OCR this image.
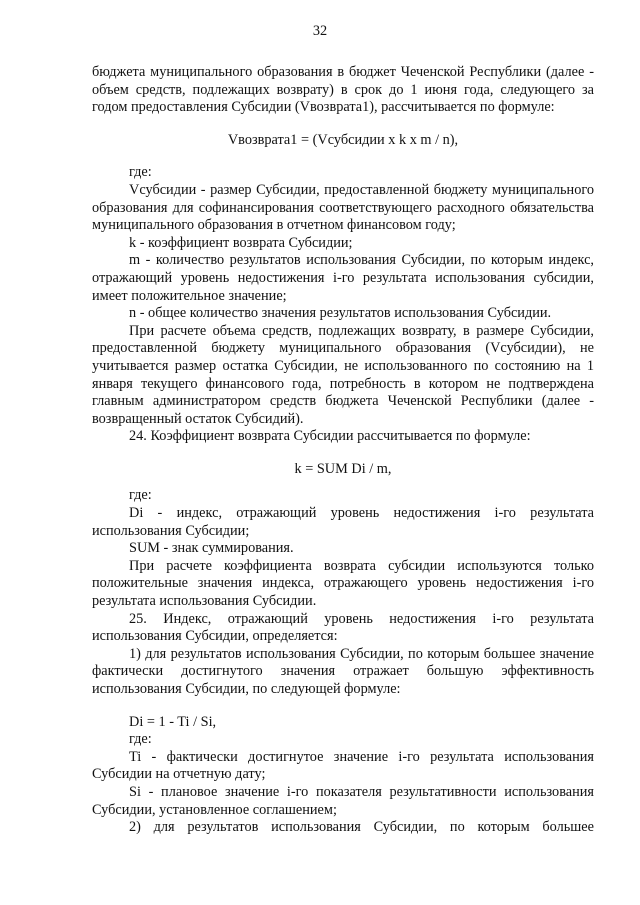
32

бюджета муниципального образования в бюджет Чеченской Республики (далее - объем средств, подлежащих возврату) в срок до 1 июня года, следующего за годом предоставления Субсидии (Vвозврата1), рассчитывается по формуле:

Vвозврата1 = (Vсубсидии x k x m / n),

где:

Vсубсидии - размер Субсидии, предоставленной бюджету муниципального образования для софинансирования соответствующего расходного обязательства муниципального образования в отчетном финансовом году;

k - коэффициент возврата Субсидии;

m - количество результатов использования Субсидии, по которым индекс, отражающий уровень недостижения i-го результата использования субсидии, имеет положительное значение;

n - общее количество значения результатов использования Субсидии.

При расчете объема средств, подлежащих возврату, в размере Субсидии, предоставленной бюджету муниципального образования (Vсубсидии), не учитывается размер остатка Субсидии, не использованного по состоянию на 1 января текущего финансового года, потребность в котором не подтверждена главным администратором средств бюджета Чеченской Республики (далее - возвращенный остаток Субсидий).

24. Коэффициент возврата Субсидии рассчитывается по формуле:

k = SUM Di / m,

где:

Di - индекс, отражающий уровень недостижения i-го результата использования Субсидии;

SUM - знак суммирования.

При расчете коэффициента возврата субсидии используются только положительные значения индекса, отражающего уровень недостижения i-го результата использования Субсидии.

25. Индекс, отражающий уровень недостижения i-го результата использования Субсидии, определяется:

1) для результатов использования Субсидии, по которым большее значение фактически достигнутого значения отражает большую эффективность использования Субсидии, по следующей формуле:

Di = 1 - Ti / Si,

где:

Ti - фактически достигнутое значение i-го результата использования Субсидии на отчетную дату;

Si - плановое значение i-го показателя результативности использования Субсидии, установленное соглашением;

2) для результатов использования Субсидии, по которым большее
